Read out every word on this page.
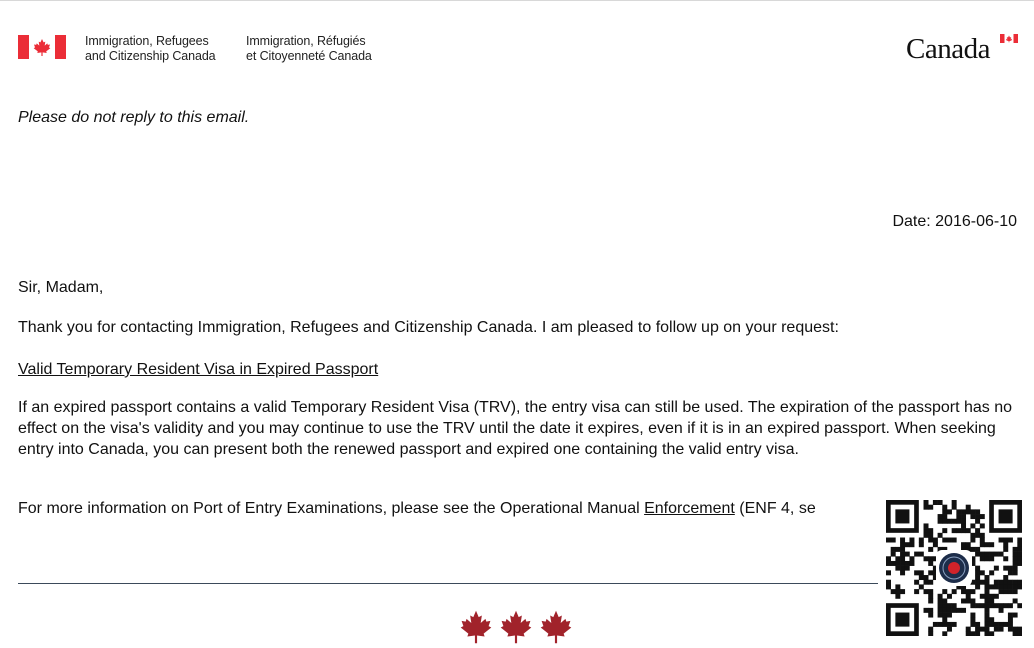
Immigration, Refugees
and Citizenship Canada
Immigration, Réfugiés
et Citoyenneté Canada	Canada
Please do not reply to this email.
Date: 2016-06-10
Sir, Madam,
Thank you for contacting Immigration, Refugees and Citizenship Canada. I am pleased to follow up on your request:
Valid Temporary Resident Visa in Expired Passport
If an expired passport contains a valid Temporary Resident Visa (TRV), the entry visa can still be used. The expiration of the passport has no effect on the visa's validity and you may continue to use the TRV until the date it expires, even if it is in an expired passport. When seeking entry into Canada, you can present both the renewed passport and expired one containing the valid entry visa.
For more information on Port of Entry Examinations, please see the Operational Manual Enforcement (ENF 4, se
